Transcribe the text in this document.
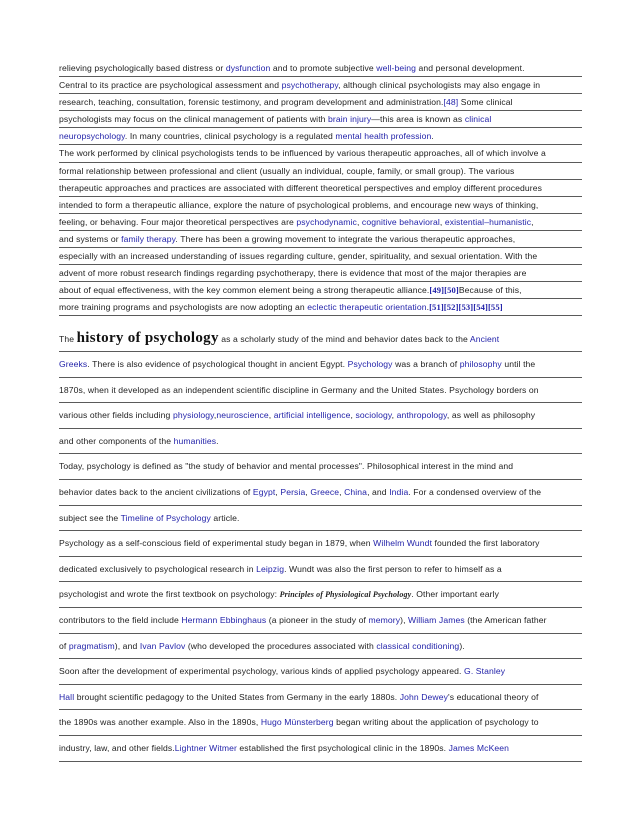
relieving psychologically based distress or dysfunction and to promote subjective well-being and personal development.
Central to its practice are psychological assessment and psychotherapy, although clinical psychologists may also engage in
research, teaching, consultation, forensic testimony, and program development and administration.[48] Some clinical
psychologists may focus on the clinical management of patients with brain injury—this area is known as clinical
neuropsychology. In many countries, clinical psychology is a regulated mental health profession.
The work performed by clinical psychologists tends to be influenced by various therapeutic approaches, all of which involve a
formal relationship between professional and client (usually an individual, couple, family, or small group). The various
therapeutic approaches and practices are associated with different theoretical perspectives and employ different procedures
intended to form a therapeutic alliance, explore the nature of psychological problems, and encourage new ways of thinking,
feeling, or behaving. Four major theoretical perspectives are psychodynamic, cognitive behavioral, existential–humanistic,
and systems or family therapy. There has been a growing movement to integrate the various therapeutic approaches,
especially with an increased understanding of issues regarding culture, gender, spirituality, and sexual orientation. With the
advent of more robust research findings regarding psychotherapy, there is evidence that most of the major therapies are
about of equal effectiveness, with the key common element being a strong therapeutic alliance.[49][50]Because of this,
more training programs and psychologists are now adopting an eclectic therapeutic orientation.[51][52][53][54][55]
The history of psychology as a scholarly study of the mind and behavior dates back to the Ancient
Greeks. There is also evidence of psychological thought in ancient Egypt. Psychology was a branch of philosophy until the
1870s, when it developed as an independent scientific discipline in Germany and the United States. Psychology borders on
various other fields including physiology,neuroscience, artificial intelligence, sociology, anthropology, as well as philosophy
and other components of the humanities.
Today, psychology is defined as "the study of behavior and mental processes". Philosophical interest in the mind and
behavior dates back to the ancient civilizations of Egypt, Persia, Greece, China, and India. For a condensed overview of the
subject see the Timeline of Psychology article.
Psychology as a self-conscious field of experimental study began in 1879, when Wilhelm Wundt founded the first laboratory
dedicated exclusively to psychological research in Leipzig. Wundt was also the first person to refer to himself as a
psychologist and wrote the first textbook on psychology: Principles of Physiological Psychology. Other important early
contributors to the field include Hermann Ebbinghaus (a pioneer in the study of memory), William James (the American father
of pragmatism), and Ivan Pavlov (who developed the procedures associated with classical conditioning).
Soon after the development of experimental psychology, various kinds of applied psychology appeared. G. Stanley
Hall brought scientific pedagogy to the United States from Germany in the early 1880s. John Dewey's educational theory of
the 1890s was another example. Also in the 1890s, Hugo Münsterberg began writing about the application of psychology to
industry, law, and other fields.Lightner Witmer established the first psychological clinic in the 1890s. James McKeen
